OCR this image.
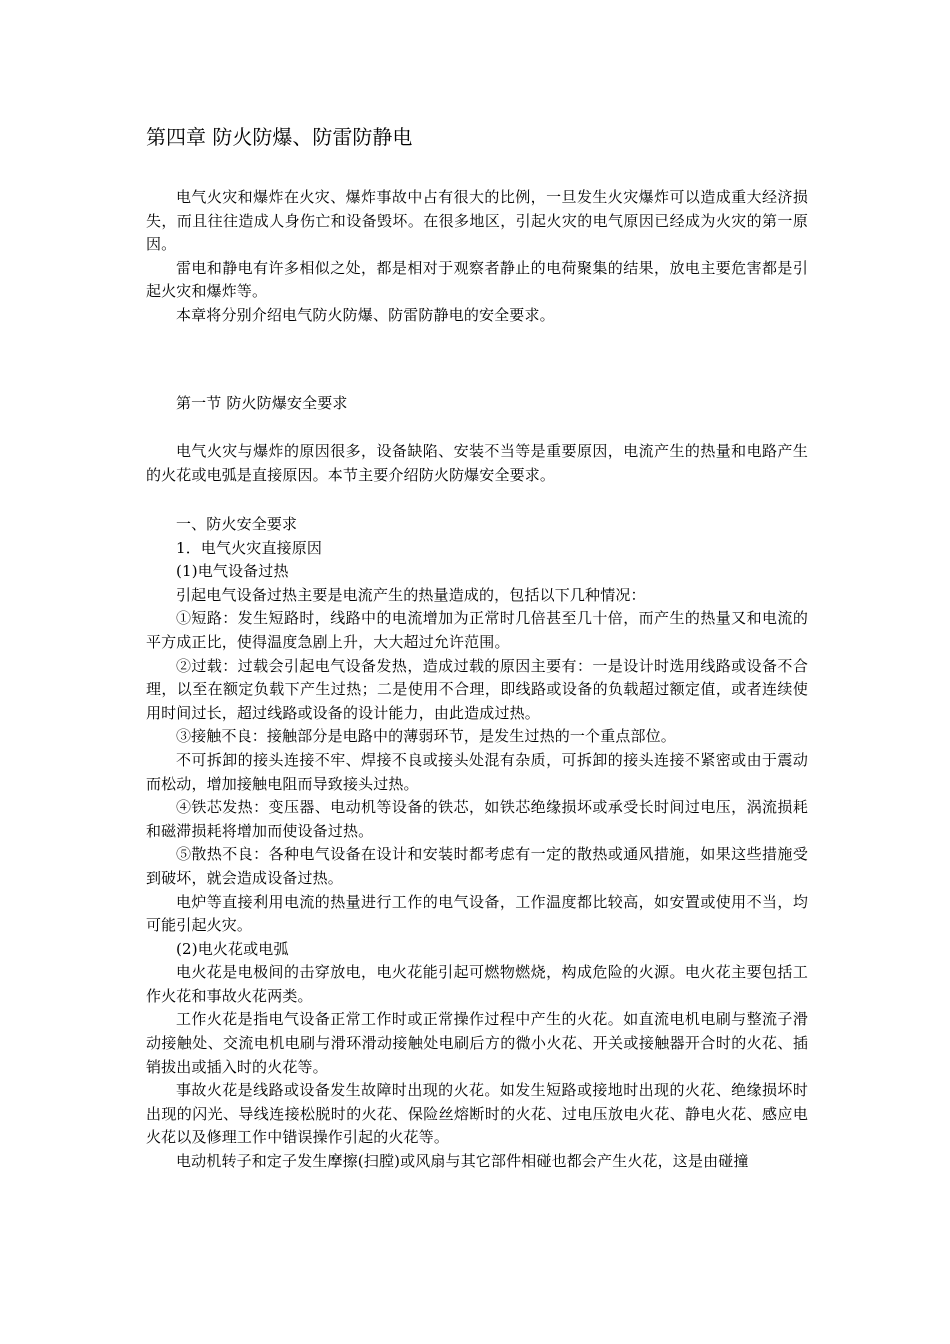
第四章 防火防爆、防雷防静电

电气火灾和爆炸在火灾、爆炸事故中占有很大的比例，一旦发生火灾爆炸可以造成重大经济损失，而且往往造成人身伤亡和设备毁坏。在很多地区，引起火灾的电气原因已经成为火灾的第一原因。

雷电和静电有许多相似之处，都是相对于观察者静止的电荷聚集的结果，放电主要危害都是引起火灾和爆炸等。

本章将分别介绍电气防火防爆、防雷防静电的安全要求。

第一节 防火防爆安全要求

电气火灾与爆炸的原因很多，设备缺陷、安装不当等是重要原因，电流产生的热量和电路产生的火花或电弧是直接原因。本节主要介绍防火防爆安全要求。

一、防火安全要求

1．电气火灾直接原因

(1)电气设备过热

引起电气设备过热主要是电流产生的热量造成的，包括以下几种情况：

①短路：发生短路时，线路中的电流增加为正常时几倍甚至几十倍，而产生的热量又和电流的平方成正比，使得温度急剧上升，大大超过允许范围。

②过载：过载会引起电气设备发热，造成过载的原因主要有：一是设计时选用线路或设备不合理，以至在额定负载下产生过热；二是使用不合理，即线路或设备的负载超过额定值，或者连续使用时间过长，超过线路或设备的设计能力，由此造成过热。

③接触不良：接触部分是电路中的薄弱环节，是发生过热的一个重点部位。

不可拆卸的接头连接不牢、焊接不良或接头处混有杂质，可拆卸的接头连接不紧密或由于震动而松动，增加接触电阻而导致接头过热。

④铁芯发热：变压器、电动机等设备的铁芯，如铁芯绝缘损坏或承受长时间过电压，涡流损耗和磁滞损耗将增加而使设备过热。

⑤散热不良：各种电气设备在设计和安装时都考虑有一定的散热或通风措施，如果这些措施受到破坏，就会造成设备过热。

电炉等直接利用电流的热量进行工作的电气设备，工作温度都比较高，如安置或使用不当，均可能引起火灾。

(2)电火花或电弧

电火花是电极间的击穿放电，电火花能引起可燃物燃烧，构成危险的火源。电火花主要包括工作火花和事故火花两类。

工作火花是指电气设备正常工作时或正常操作过程中产生的火花。如直流电机电刷与整流子滑动接触处、交流电机电刷与滑环滑动接触处电刷后方的微小火花、开关或接触器开合时的火花、插销拔出或插入时的火花等。

事故火花是线路或设备发生故障时出现的火花。如发生短路或接地时出现的火花、绝缘损坏时出现的闪光、导线连接松脱时的火花、保险丝熔断时的火花、过电压放电火花、静电火花、感应电火花以及修理工作中错误操作引起的火花等。

电动机转子和定子发生摩擦(扫膛)或风扇与其它部件相碰也都会产生火花，这是由碰撞
